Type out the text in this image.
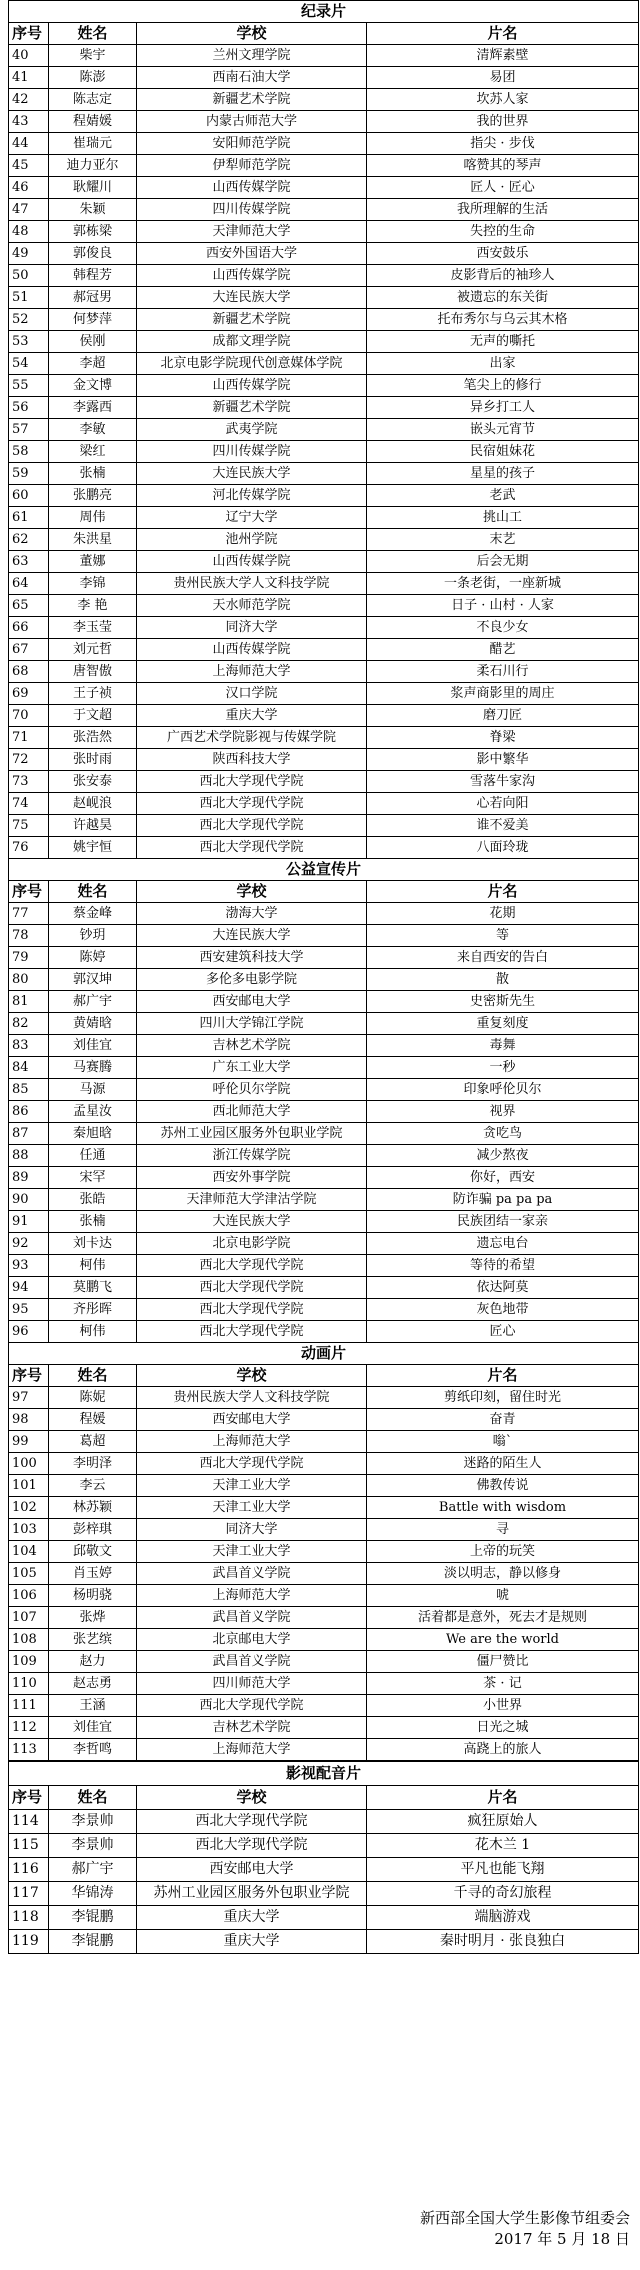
纪录片			
序号	姓名	学校	片名
40	柴宇	兰州文理学院	清辉素壁
41	陈澎	西南石油大学	易团
42	陈志定	新疆艺术学院	坎苏人家
43	程婧媛	内蒙古师范大学	我的世界
44	崔瑞元	安阳师范学院	指尖 · 步伐
45	迪力亚尔	伊犁师范学院	喀赞其的琴声
46	耿耀川	山西传媒学院	匠人 · 匠心
47	朱颖	四川传媒学院	我所理解的生活
48	郭栋梁	天津师范大学	失控的生命
49	郭俊良	西安外国语大学	西安鼓乐
50	韩程芳	山西传媒学院	皮影背后的袖珍人
51	郝冠男	大连民族大学	被遗忘的东关街
52	何梦萍	新疆艺术学院	托布秀尔与乌云其木格
53	侯刚	成都文理学院	无声的嘶托
54	李超	北京电影学院现代创意媒体学院	出家
55	金文博	山西传媒学院	笔尖上的修行
56	李露西	新疆艺术学院	异乡打工人
57	李敏	武夷学院	嵌头元宵节
58	梁红	四川传媒学院	民宿姐妹花
59	张楠	大连民族大学	星星的孩子
60	张鹏亮	河北传媒学院	老武
61	周伟	辽宁大学	挑山工
62	朱洪星	池州学院	末艺
63	董娜	山西传媒学院	后会无期
64	李锦	贵州民族大学人文科技学院	一条老街，一座新城
65	李 艳	天水师范学院	日子 · 山村 · 人家
66	李玉莹	同济大学	不良少女
67	刘元哲	山西传媒学院	醋艺
68	唐智傲	上海师范大学	柔石川行
69	王子祯	汉口学院	浆声商影里的周庄
70	于文超	重庆大学	磨刀匠
71	张浩然	广西艺术学院影视与传媒学院	脊梁
72	张时雨	陕西科技大学	影中繁华
73	张安泰	西北大学现代学院	雪落牛家沟
74	赵岘浪	西北大学现代学院	心若向阳
75	许越昊	西北大学现代学院	谁不爱美
76	姚宇恒	西北大学现代学院	八面玲珑
公益宣传片			
序号	姓名	学校	片名
77	蔡金峰	渤海大学	花期
78	钞玥	大连民族大学	等
79	陈婷	西安建筑科技大学	来自西安的告白
80	郭汉坤	多伦多电影学院	散
81	郝广宇	西安邮电大学	史密斯先生
82	黄婧晗	四川大学锦江学院	重复刻度
83	刘佳宜	吉林艺术学院	毒舞
84	马赛腾	广东工业大学	一秒
85	马源	呼伦贝尔学院	印象呼伦贝尔
86	孟星汝	西北师范大学	视界
87	秦旭晗	苏州工业园区服务外包职业学院	贪吃鸟
88	任通	浙江传媒学院	减少熬夜
89	宋罕	西安外事学院	你好，西安
90	张皓	天津师范大学津沽学院	防诈骗 pa pa pa
91	张楠	大连民族大学	民族团结一家亲
92	刘卡达	北京电影学院	遗忘电台
93	柯伟	西北大学现代学院	等待的希望
94	莫鹏飞	西北大学现代学院	依达阿莫
95	齐彤晖	西北大学现代学院	灰色地带
96	柯伟	西北大学现代学院	匠心
动画片			
序号	姓名	学校	片名
97	陈妮	贵州民族大学人文科技学院	剪纸印刻，留住时光
98	程媛	西安邮电大学	奋青
99	葛超	上海师范大学	嗡`
100	李明泽	西北大学现代学院	迷路的陌生人
101	李云	天津工业大学	佛教传说
102	林苏颖	天津工业大学	Battle with wisdom
103	彭梓琪	同济大学	寻
104	邱敬文	天津工业大学	上帝的玩笑
105	肖玉婷	武昌首义学院	淡以明志，静以修身
106	杨明骁	上海师范大学	唬
107	张烨	武昌首义学院	活着都是意外，死去才是规则
108	张艺缤	北京邮电大学	We are the world
109	赵力	武昌首义学院	僵尸赞比
110	赵志勇	四川师范大学	茶 · 记
111	王涵	西北大学现代学院	小世界
112	刘佳宜	吉林艺术学院	日光之城
113	李哲鸣	上海师范大学	高跷上的旅人
影视配音片			
序号	姓名	学校	片名
114	李景帅	西北大学现代学院	疯狂原始人
115	李景帅	西北大学现代学院	花木兰 1
116	郝广宇	西安邮电大学	平凡也能飞翔
117	华锦涛	苏州工业园区服务外包职业学院	千寻的奇幻旅程
118	李锟鹏	重庆大学	端脑游戏
119	李锟鹏	重庆大学	秦时明月 · 张良独白
新西部全国大学生影像节组委会
2017 年 5 月 18 日
